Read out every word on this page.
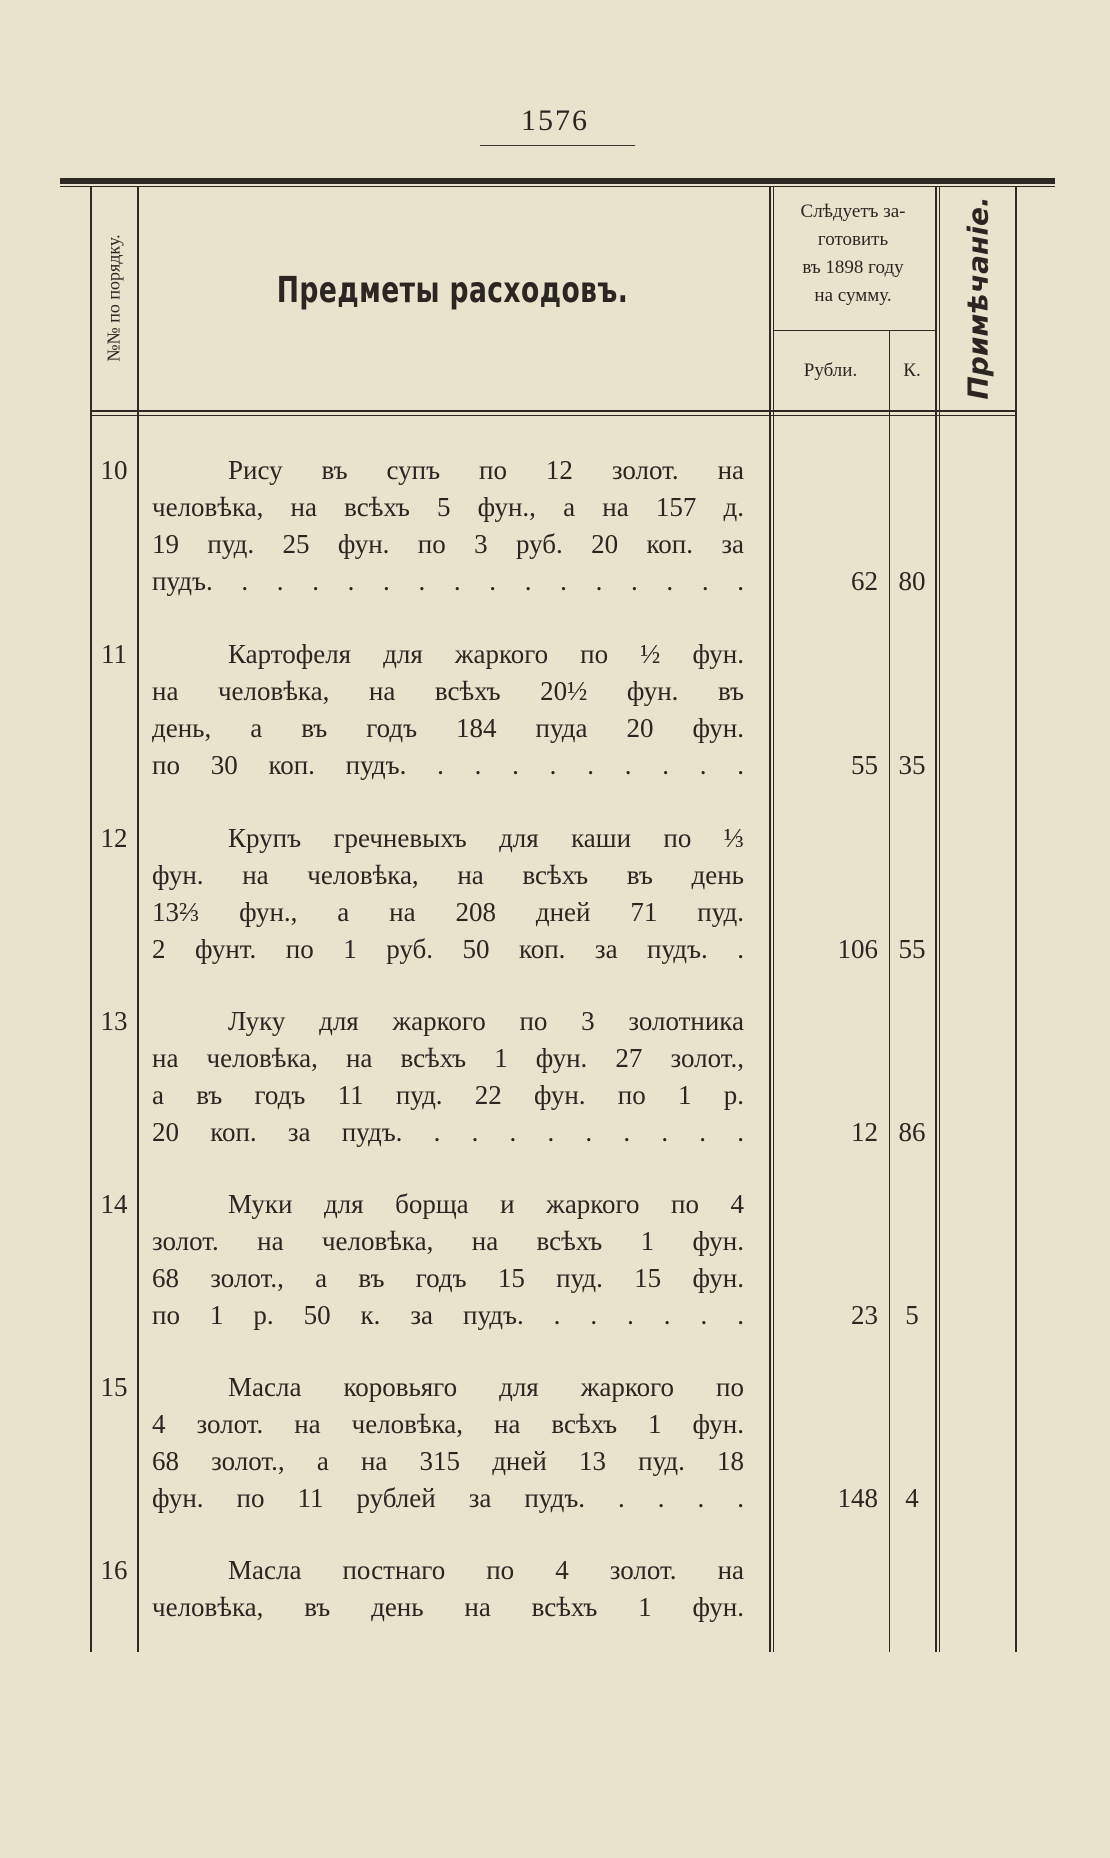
1576
№№ по порядку.	Предметы расходовъ.
Слѣдуетъ за-
готовить
въ 1898 году
на сумму.
Рубли.	К.	Примѣчаніе.
10	Рису въ супъ по 12 золот. на
человѣка, на всѣхъ 5 фун., а на 157 д.
19 пуд. 25 фун. по 3 руб. 20 коп. за
пудъ. . . . . . . . . . . . . . . .	62 80
11	Картофеля для жаркого по ½ фун.
на человѣка, на всѣхъ 20½ фун. въ
день, а въ годъ 184 пуда 20 фун.
по 30 коп. пудъ. . . . . . . . . .	55 35
12	Крупъ гречневыхъ для каши по ⅓
фун. на человѣка, на всѣхъ въ день
13⅔ фун., а на 208 дней 71 пуд.
2 фунт. по 1 руб. 50 коп. за пудъ. .	106 55
13	Луку для жаркого по 3 золотника
на человѣка, на всѣхъ 1 фун. 27 золот.,
а въ годъ 11 пуд. 22 фун. по 1 р.
20 коп. за пудъ. . . . . . . . . .	12 86
14	Муки для борща и жаркого по 4
золот. на человѣка, на всѣхъ 1 фун.
68 золот., а въ годъ 15 пуд. 15 фун.
по 1 р. 50 к. за пудъ. . . . . . .	23	5
15	Масла коровьяго для жаркого по
4 золот. на человѣка, на всѣхъ 1 фун.
68 золот., а на 315 дней 13 пуд. 18
фун. по 11 рублей за пудъ. . . . .	148	4
16	Масла постнаго по 4 золот. на
человѣка, въ день на всѣхъ 1 фун.
